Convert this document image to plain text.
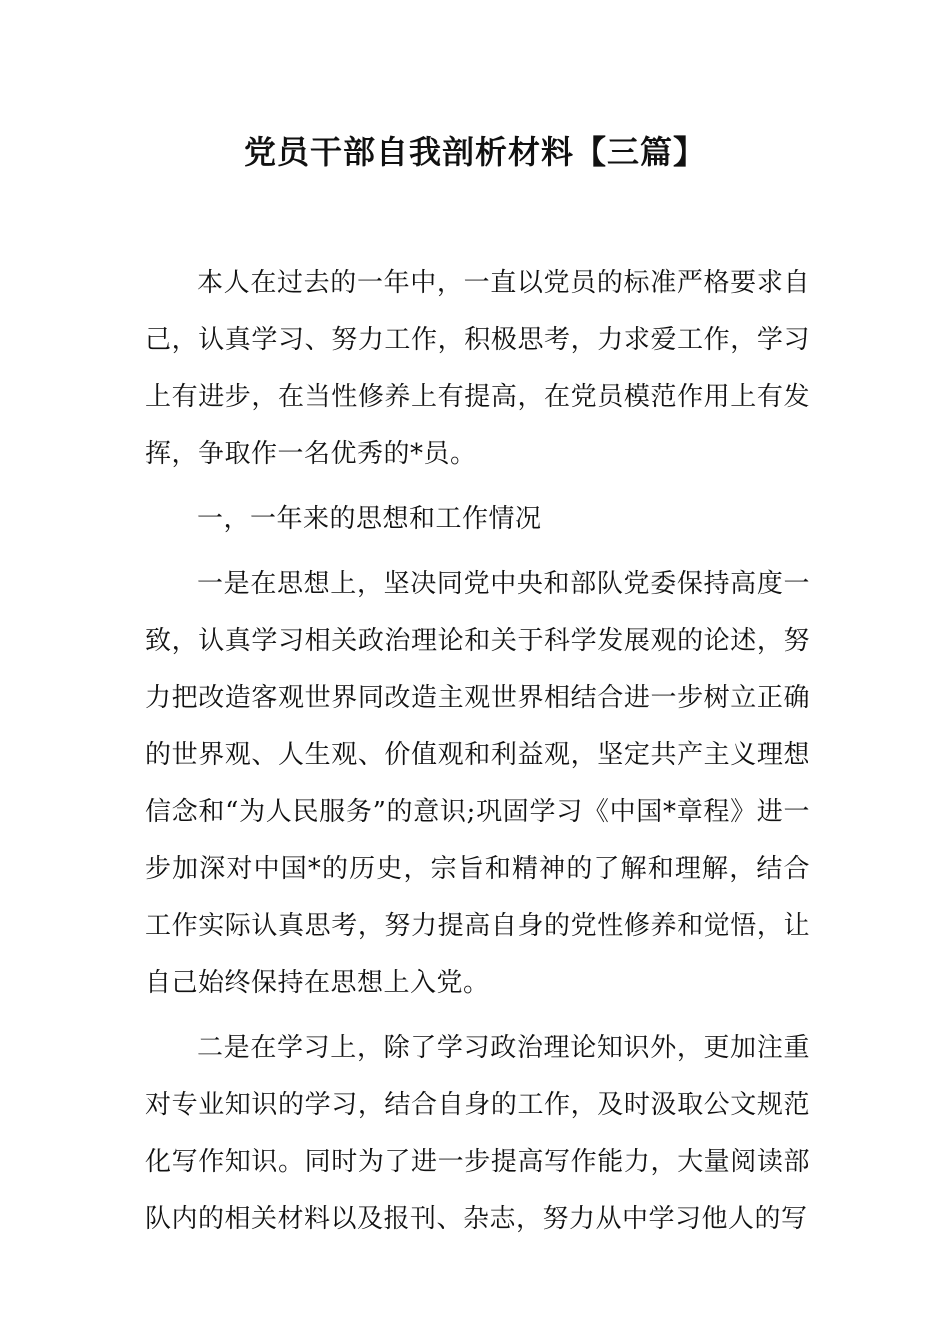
党员干部自我剖析材料【三篇】

本人在过去的一年中，一直以党员的标准严格要求自己，认真学习、努力工作，积极思考，力求爱工作，学习上有进步，在当性修养上有提高，在党员模范作用上有发挥，争取作一名优秀的*员。

一，一年来的思想和工作情况

一是在思想上，坚决同党中央和部队党委保持高度一致，认真学习相关政治理论和关于科学发展观的论述，努力把改造客观世界同改造主观世界相结合进一步树立正确的世界观、人生观、价值观和利益观，坚定共产主义理想信念和“为人民服务”的意识;巩固学习《中国*章程》进一步加深对中国*的历史，宗旨和精神的了解和理解，结合工作实际认真思考，努力提高自身的党性修养和觉悟，让自己始终保持在思想上入党。

二是在学习上，除了学习政治理论知识外，更加注重对专业知识的学习，结合自身的工作，及时汲取公文规范化写作知识。同时为了进一步提高写作能力，大量阅读部队内的相关材料以及报刊、杂志，努力从中学习他人的写
